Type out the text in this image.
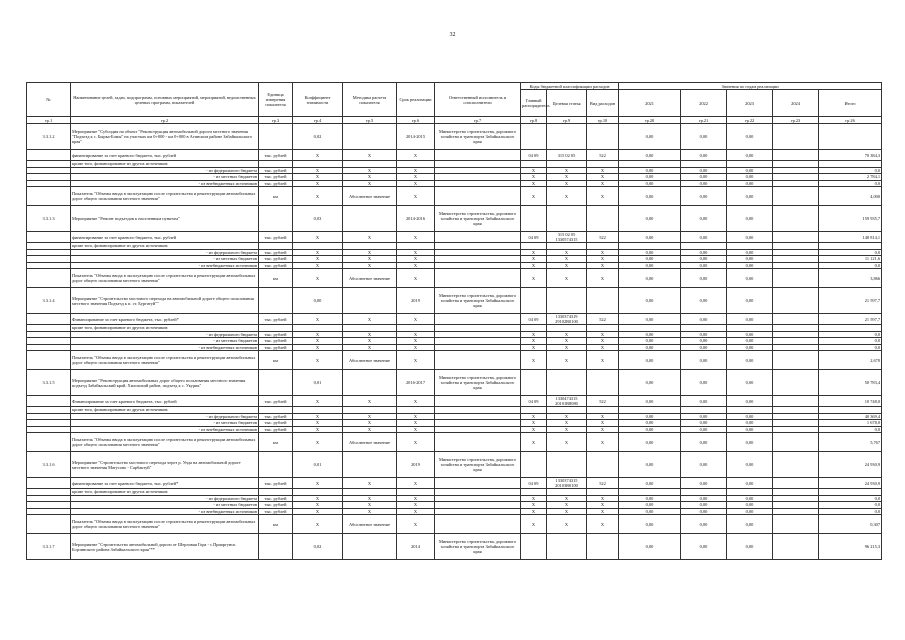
32
№	Наименование целей, задач, подпрограмм, основных мероприятий, мероприятий, ведомственных целевых программ, показателей	Единица измерения показателя	Коэффициент значимости	Методика расчета показателя	Срок реализации	Ответственный исполнитель и соисполнители	Коды бюджетной классификации расходов			Значения по годам реализации				
							Главный распорядитель	Целевая статья	Вид расходов	2021	2022	2023	2024	Итого
гр.1	гр.2	гр.3	гр.4	гр.5	гр.6	гр.7	гр.8	гр.9	гр.10	гр.20	гр.21	гр.22	гр.23	гр.26
3.3.1.2	Мероприятие "Субсидия на объект "Реконструкция автомобильной дороги местного значения "Подъезд к с. Бырка-Бомы" на участках км 0+000 - км 0+000 в Агинском районе Забайкальского края"		0,02		2014-2015	Министерство строительства, дорожного хозяйства и транспорта Забайкальского края				0,00	0,00	0,00		
	финансирование за счет краевого бюджета, тыс. рублей	тыс. рублей	X	X	X		04 09	315 02 05	522	0,00	0,00	0,00		70 384,3
	кроме того, финансирование из других источников:													
	- из федерального бюджета	тыс. рублей	X	X	X		X	X	X	0,00	0,00	0,00		0,0
	- из местных бюджетов	тыс. рублей	X	X	X		X	X	X	0,00	0,00	0,00		2 784,1
	- из внебюджетных источников	тыс. рублей	X	X	X		X	X	X	0,00	0,00	0,00		0,0
	Показатель "Объемы ввода в эксплуатацию после строительства и реконструкции автомобильных дорог общего пользования местного значения"	км	X	Абсолютное значение	X		X	X	X	0,00	0,00	0,00		4,000
3.3.1.3	Мероприятие "Ремонт подъездов к населенным пунктам"		0,03		2014-2016	Министерство строительства, дорожного хозяйства и транспорта Забайкальского края				0,00	0,00	0,00		159 935,7
	финансирование за счет краевого бюджета, тыс. рублей	тыс. рублей	X	X	X		04 09	315 02 05 1330574315	522	0,00	0,00	0,00		148 814,1
	кроме того, финансирование из других источников:													
	- из федерального бюджета	тыс. рублей	X	X	X		X	X	X	0,00	0,00	0,00		0,0
	- из местных бюджетов	тыс. рублей	X	X	X		X	X	X	0,00	0,00	0,00		11 121,6
	- из внебюджетных источников	тыс. рублей	X	X	X		X	X	X	0,00	0,00	0,00		0,0
	Показатель "Объемы ввода в эксплуатацию после строительства и реконструкции автомобильных дорог общего пользования местного значения"	км	X	Абсолютное значение	X		X	X	X	0,00	0,00	0,00		3,866
3.3.1.4	Мероприятие "Строительство мостового перехода на автомобильной дороге общего пользования местного значения Подъезд к п. ст. Бургатуй""		0,00		2019	Министерство строительства, дорожного хозяйства и транспорта Забайкальского края				0,00	0,00	0,00		21 597,7
	Финансирование за счет краевого бюджета, тыс. рублей*	тыс. рублей	X	X	X		04 09	1330374319 29102R0100	522	0,00	0,00	0,00		21 597,7
	кроме того, финансирование из других источников:													
	- из федерального бюджета	тыс. рублей	X	X	X		X	X	X	0,00	0,00	0,00		0,0
	- из местных бюджетов	тыс. рублей	X	X	X		X	X	X	0,00	0,00	0,00		0,0
	- из внебюджетных источников	тыс. рублей	X	X	X		X	X	X	0,00	0,00	0,00		0,0
	Показатель "Объемы ввода в эксплуатацию после строительства и реконструкции автомобильных дорог общего пользования местного значения"	км	X	Абсолютное значение	X		X	X	X	0,00	0,00	0,00		2,670
3.3.1.5	Мероприятие "Реконструкция автомобильных дорог общего пользования местного значения подъезд Забайкальский край, Хилокский район, подъезд к с. Укурик"		0,01		2016-2017	Министерство строительства, дорожного хозяйства и транспорта Забайкальского края				0,00	0,00	0,00		50 783,4
	Финансирование за счет краевого бюджета, тыс. рублей	тыс. рублей	X	X	X		04 09	1330474315 20101R8080	522	0,00	0,00	0,00		10 748,0
	кроме того, финансирование из других источников:													
	- из федерального бюджета	тыс. рублей	X	X	X		X	X	X	0,00	0,00	0,00		40 369,4
	- из местных бюджетов	тыс. рублей	X	X	X		X	X	X	0,00	0,00	0,00		1 678,0
	- из внебюджетных источников	тыс. рублей	X	X	X		X	X	X	0,00	0,00	0,00		0,0
	Показатель "Объемы ввода в эксплуатацию после строительства и реконструкции автомобильных дорог общего пользования местного значения"	км	X	Абсолютное значение	X		X	X	X	0,00	0,00	0,00		5,767
3.3.1.6	Мероприятие "Строительство мостового перехода через р. Унда на автомобильной дороге местного значения Матусово - Сарбактуй"		0,01		2019	Министерство строительства, дорожного хозяйства и транспорта Забайкальского края				0,00	0,00	0,00		24 930,9
	финансирование за счет краевого бюджета, тыс. рублей*	тыс. рублей	X	X	X		04 09	1330374315 20103R0100	522	0,00	0,00	0,00		24 930,9
	кроме того, финансирование из других источников:													
	- из федерального бюджета	тыс. рублей	X	X	X		X	X	X	0,00	0,00	0,00		0,0
	- из местных бюджетов	тыс. рублей	X	X	X		X	X	X	0,00	0,00	0,00		0,0
	- из внебюджетных источников	тыс. рублей	X	X	X		X	X	X	0,00	0,00	0,00		0,0
	Показатель "Объемы ввода в эксплуатацию после строительства и реконструкции автомобильных дорог общего пользования местного значения"	км	X	Абсолютное значение	X		X	X	X	0,00	0,00	0,00		0,307
3.3.1.7	Мероприятие "Строительство автомобильной дороги от Шерловая Гора - с.Приаргунск Борзинского района Забайкальского края"**		0,02		2014	Министерство строительства, дорожного хозяйства и транспорта Забайкальского края				0,00	0,00	0,00		96 215,3
